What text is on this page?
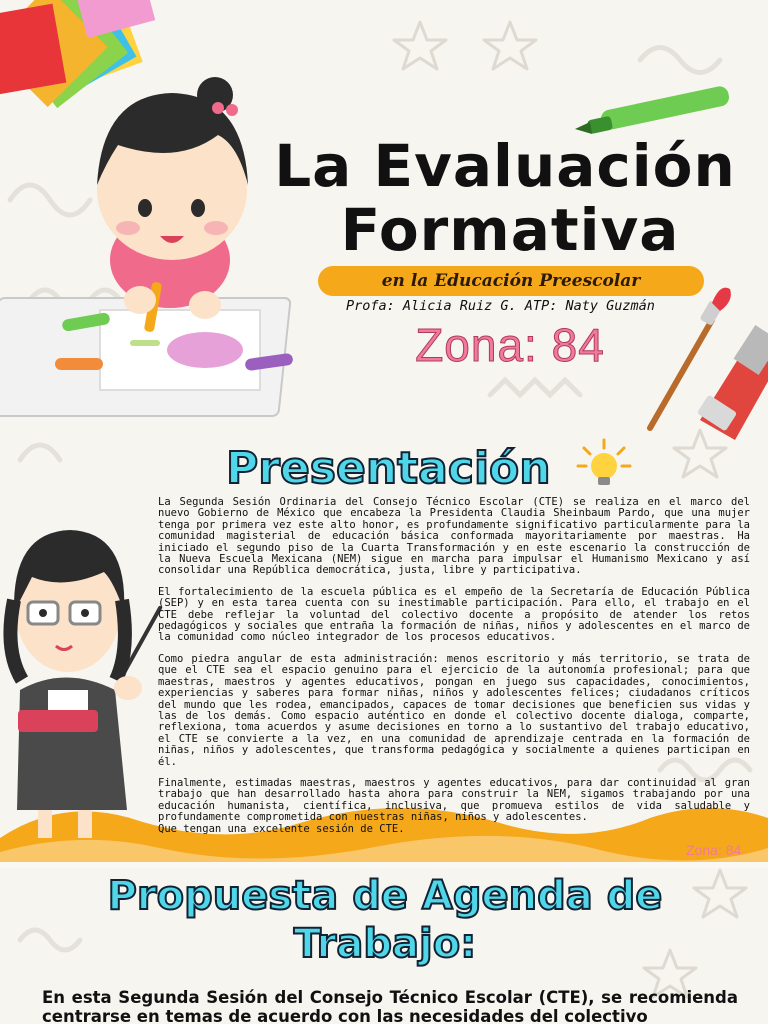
La Evaluación
Formativa
en la Educación Preescolar
Profa: Alicia Ruiz G. ATP: Naty Guzmán
Zona: 84
Presentación

La Segunda Sesión Ordinaria del Consejo Técnico Escolar (CTE) se realiza en el marco del nuevo Gobierno de México que encabeza la Presidenta Claudia Sheinbaum Pardo, que una mujer tenga por primera vez este alto honor, es profundamente significativo particularmente para la comunidad magisterial de educación básica conformada mayoritariamente por maestras. Ha iniciado el segundo piso de la Cuarta Transformación y en este escenario la construcción de la Nueva Escuela Mexicana (NEM) sigue en marcha para impulsar el Humanismo Mexicano y así consolidar una República democrática, justa, libre y participativa.

El fortalecimiento de la escuela pública es el empeño de la Secretaría de Educación Pública (SEP) y en esta tarea cuenta con su inestimable participación. Para ello, el trabajo en el CTE debe reflejar la voluntad del colectivo docente a propósito de atender los retos pedagógicos y sociales que entraña la formación de niñas, niños y adolescentes en el marco de la comunidad como núcleo integrador de los procesos educativos.

Como piedra angular de esta administración: menos escritorio y más territorio, se trata de que el CTE sea el espacio genuino para el ejercicio de la autonomía profesional; para que maestras, maestros y agentes educativos, pongan en juego sus capacidades, conocimientos, experiencias y saberes para formar niñas, niños y adolescentes felices; ciudadanos críticos del mundo que les rodea, emancipados, capaces de tomar decisiones que beneficien sus vidas y las de los demás. Como espacio auténtico en donde el colectivo docente dialoga, comparte, reflexiona, toma acuerdos y asume decisiones en torno a lo sustantivo del trabajo educativo, el CTE se convierte a la vez, en una comunidad de aprendizaje centrada en la formación de niñas, niños y adolescentes, que transforma pedagógica y socialmente a quienes participan en él.

Finalmente, estimadas maestras, maestros y agentes educativos, para dar continuidad al gran trabajo que han desarrollado hasta ahora para construir la NEM, sigamos trabajando por una educación humanista, científica, inclusiva, que promueva estilos de vida saludable y profundamente comprometida con nuestras niñas, niños y adolescentes.

Que tengan una excelente sesión de CTE.

Zona: 84
Propuesta de Agenda de Trabajo:
En esta Segunda Sesión del Consejo Técnico Escolar (CTE), se recomienda centrarse en temas de acuerdo con las necesidades del colectivo
